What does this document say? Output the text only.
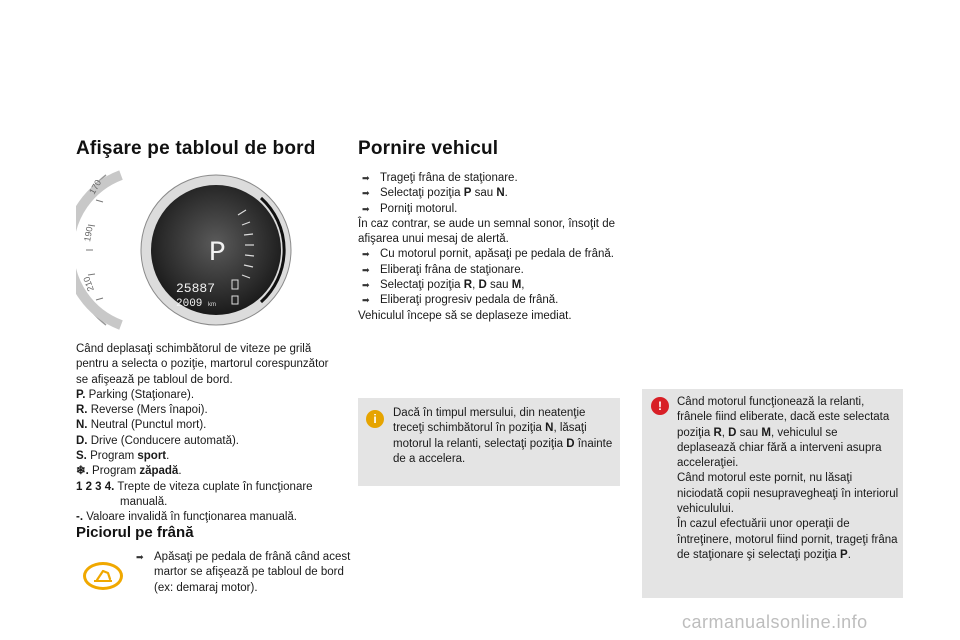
Afişare pe tabloul de bord
170
190
210
P
25887
2009 km

Când deplasaţi schimbătorul de viteze pe grilă pentru a selecta o poziţie, martorul corespunzător se afişează pe tabloul de bord.

P. Parking (Staţionare).
R. Reverse (Mers înapoi).
N. Neutral (Punctul mort).
D. Drive (Conducere automată).
S. Program sport.
❄. Program zăpadă.
1 2 3 4. Trepte de viteza cuplate în funcţionare manuală.
-. Valoare invalidă în funcţionarea manuală.
Piciorul pe frână
➡ Apăsaţi pe pedala de frână când acest martor se afişează pe tabloul de bord (ex: demaraj motor).
Pornire vehicul
➡ Trageţi frâna de staţionare.
➡ Selectaţi poziţia P sau N.
➡ Porniţi motorul.

În caz contrar, se aude un semnal sonor, însoţit de afişarea unui mesaj de alertă.

➡ Cu motorul pornit, apăsaţi pe pedala de frână.
➡ Eliberaţi frâna de staţionare.
➡ Selectaţi poziţia R, D sau M,
➡ Eliberaţi progresiv pedala de frână.

Vehiculul începe să se deplaseze imediat.

i	Dacă în timpul mersului, din neatenţie treceţi schimbătorul în poziţia N, lăsaţi motorul la relanti, selectaţi poziţia D înainte de a accelera.
!	Când motorul funcţionează la relanti, frânele fiind eliberate, dacă este selectata poziţia R, D sau M, vehiculul se deplasează chiar fără a interveni asupra acceleraţiei.

Când motorul este pornit, nu lăsaţi niciodată copii nesupravegheaţi în interiorul vehiculului.

În cazul efectuării unor operaţii de întreţinere, motorul fiind pornit, trageţi frâna de staţionare şi selectaţi poziţia P.

carmanualsonline.info
